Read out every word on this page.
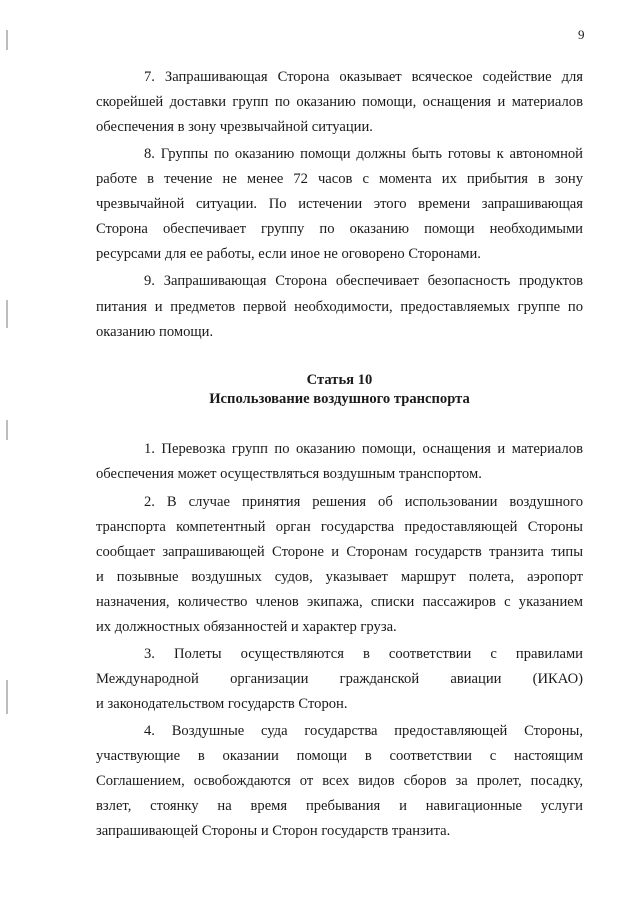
9
7. Запрашивающая Сторона оказывает всяческое содействие для
скорейшей доставки групп по оказанию помощи, оснащения и материалов
обеспечения в зону чрезвычайной ситуации.
8. Группы по оказанию помощи должны быть готовы к автономной
работе в течение не менее 72 часов с момента их прибытия в зону
чрезвычайной ситуации. По истечении этого времени запрашивающая
Сторона обеспечивает группу по оказанию помощи необходимыми
ресурсами для ее работы, если иное не оговорено Сторонами.
9. Запрашивающая Сторона обеспечивает безопасность продуктов
питания и предметов первой необходимости, предоставляемых группе по
оказанию помощи.
Статья 10
Использование воздушного транспорта
1. Перевозка групп по оказанию помощи, оснащения и материалов
обеспечения может осуществляться воздушным транспортом.
2. В случае принятия решения об использовании воздушного
транспорта компетентный орган государства предоставляющей Стороны
сообщает запрашивающей Стороне и Сторонам государств транзита типы
и позывные воздушных судов, указывает маршрут полета, аэропорт
назначения, количество членов экипажа, списки пассажиров с указанием
их должностных обязанностей и характер груза.
3. Полеты осуществляются в соответствии с правилами
Международной организации гражданской авиации (ИКАО)
и законодательством государств Сторон.
4. Воздушные суда государства предоставляющей Стороны,
участвующие в оказании помощи в соответствии с настоящим
Соглашением, освобождаются от всех видов сборов за пролет, посадку,
взлет, стоянку на время пребывания и навигационные услуги
запрашивающей Стороны и Сторон государств транзита.
